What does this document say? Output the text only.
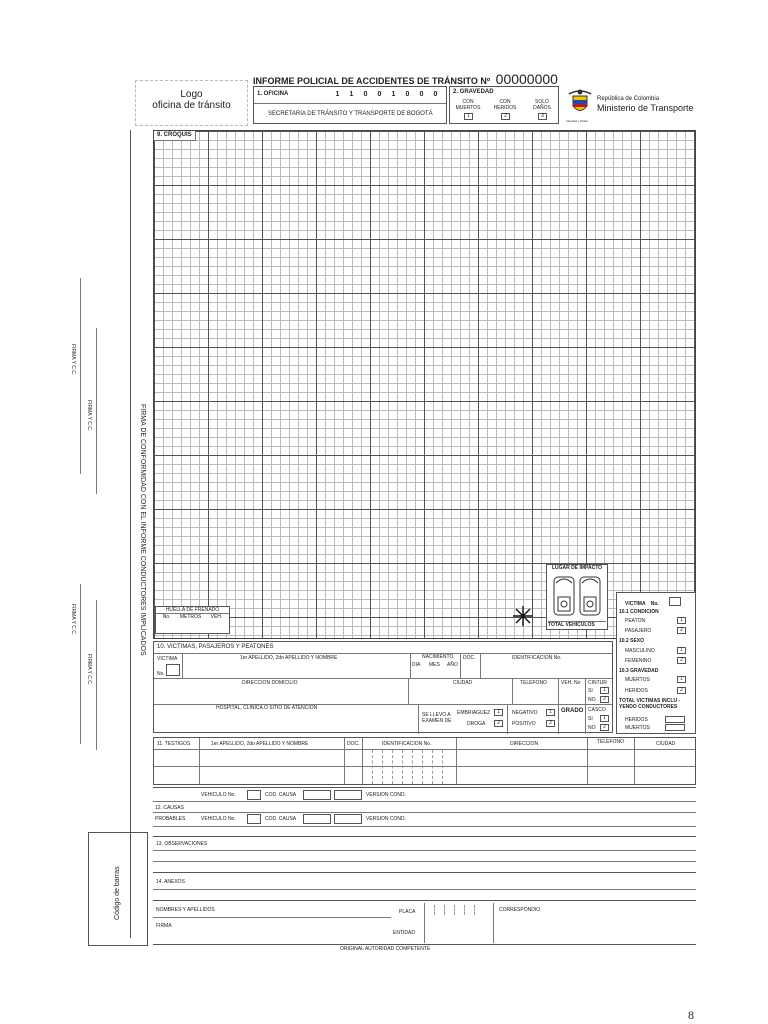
Logo
oficina de tránsito
INFORME POLICIAL DE ACCIDENTES DE TRÁNSITO Nº 00000000
1. OFICINA	1	1	0	0	1	0	0	0
SECRETARIA DE TRÁNSITO Y TRANSPORTE DE BOGOTÁ
2. GRAVEDAD
CON
MUERTOS
1
CON
HERIDOS
2
SOLO
DAÑOS
3
República de Colombia
Ministerio de Transporte
Libertad y Orden
9. CROQUIS
HUELLA DE FRENADO
No. METROS VEH.
LUGAR DE IMPACTO
TOTAL VEHÍCULOS
VICTIMA No.
10.1 CONDICION
PEATON	1
PASAJERO	2
10.2 SEXO
MASCULINO	1
FEMENINO	2
10.3 GRAVEDAD
MUERTOS	1
HERIDOS	2
TOTAL VICTIMAS INCLU -
YENDO CONDUCTORES
HERIDOS
MUERTOS
10. VICTIMAS, PASAJEROS Y PEATONES
VICTIMA
No.
1er APELLIDO, 2do APELLIDO Y NOMBRE	NACIMIENTO
DIA MES AÑO
DOC.	IDENTIFICACION No.
DIRECCION DOMICILIO	CIUDAD	TELEFONO	VEH. No CINTUR
SI	1
NO	2
HOSPITAL, CLINICA O SITIO DE ATENCION
SE LLEVO A
EXAMEN DE
EMBRIAGUEZ	1
DROGA	2
NEGATIVO	1
POSITIVO	2
GRADO CASCO
SI	1
NO	2
11. TESTIGOS	1er APELLIDO, 2do APELLIDO Y NOMBRE	DOC.	IDENTIFICACION No.	DIRECCION	TELEFONO	CIUDAD
VEHICULO No.	COD. CAUSA	VERSION COND.
12. CAUSAS
PROBABLES	VEHICULO No.	COD. CAUSA	VERSION COND.
13. OBSERVACIONES
14. ANEXOS
NOMBRES Y APELLIDOS
FIRMA
PLACA
ENTIDAD
CORRESPONDIO
ORIGINAL AUTORIDAD COMPETENTE
FIRMA DE CONFORMIDAD CON EL INFORME CONDUCTORES IMPLICADOS
FIRMA Y C.C.
FIRMA Y C.C.
FIRMA Y C.C.
FIRMA Y C.C.
Código de barras
8
